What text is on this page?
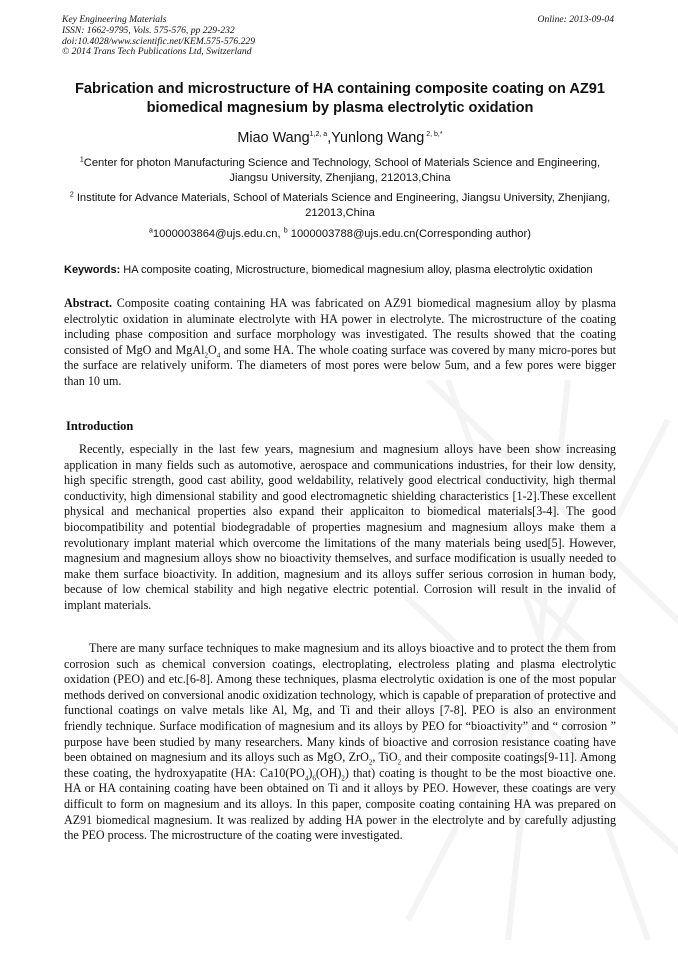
Key Engineering Materials
ISSN: 1662-9795, Vols. 575-576, pp 229-232
doi:10.4028/www.scientific.net/KEM.575-576.229
© 2014 Trans Tech Publications Ltd, Switzerland
Online: 2013-09-04
Fabrication and microstructure of HA containing composite coating on AZ91 biomedical magnesium by plasma electrolytic oxidation
Miao Wang$^{1,2, a}$,Yunlong Wang $^{2, b,*}$
$^1$Center for photon Manufacturing Science and Technology, School of Materials Science and Engineering, Jiangsu University, Zhenjiang, 212013,China
$^2$ Institute for Advance Materials, School of Materials Science and Engineering, Jiangsu University, Zhenjiang, 212013,China
$^a$1000003864@ujs.edu.cn, $^b$ 1000003788@ujs.edu.cn(Corresponding author)
Keywords: HA composite coating, Microstructure, biomedical magnesium alloy, plasma electrolytic oxidation
Abstract. Composite coating containing HA was fabricated on AZ91 biomedical magnesium alloy by plasma electrolytic oxidation in aluminate electrolyte with HA power in electrolyte. The microstructure of the coating including phase composition and surface morphology was investigated. The results showed that the coating consisted of MgO and $MgAl_2O_4$ and some HA. The whole coating surface was covered by many micro-pores but the surface are relatively uniform. The diameters of most pores were below 5um, and a few pores were bigger than 10 um.
Introduction
Recently, especially in the last few years, magnesium and magnesium alloys have been show increasing application in many fields such as automotive, aerospace and communications industries, for their low density, high specific strength, good cast ability, good weldability, relatively good electrical conductivity, high thermal conductivity, high dimensional stability and good electromagnetic shielding characteristics [1-2].These excellent physical and mechanical properties also expand their applicaiton to biomedical materials[3-4]. The good biocompatibility and potential biodegradable of properties magnesium and magnesium alloys make them a revolutionary implant material which overcome the limitations of the many materials being used[5]. However, magnesium and magnesium alloys show no bioactivity themselves, and surface modification is usually needed to make them surface bioactivity. In addition, magnesium and its alloys suffer serious corrosion in human body, because of low chemical stability and high negative electric potential. Corrosion will result in the invalid of implant materials.
There are many surface techniques to make magnesium and its alloys bioactive and to protect the them from corrosion such as chemical conversion coatings, electroplating, electroless plating and plasma electrolytic oxidation (PEO) and etc.[6-8]. Among these techniques, plasma electrolytic oxidation is one of the most popular methods derived on conversional anodic oxidization technology, which is capable of preparation of protective and functional coatings on valve metals like Al, Mg, and Ti and their alloys [7-8]. PEO is also an environment friendly technique. Surface modification of magnesium and its alloys by PEO for “bioactivity” and “ corrosion ” purpose have been studied by many researchers. Many kinds of bioactive and corrosion resistance coating have been obtained on magnesium and its alloys such as MgO, ZrO$_2$, TiO$_2$ and their composite coatings[9-11]. Among these coating, the hydroxyapatite (HA: $Ca10(PO_4)_6(OH)_2$) that) coating is thought to be the most bioactive one. HA or HA containing coating have been obtained on Ti and it alloys by PEO. However, these coatings are very difficult to form on magnesium and its alloys. In this paper, composite coating containing HA was prepared on AZ91 biomedical magnesium. It was realized by adding HA power in the electrolyte and by carefully adjusting the PEO process. The microstructure of the coating were investigated.
